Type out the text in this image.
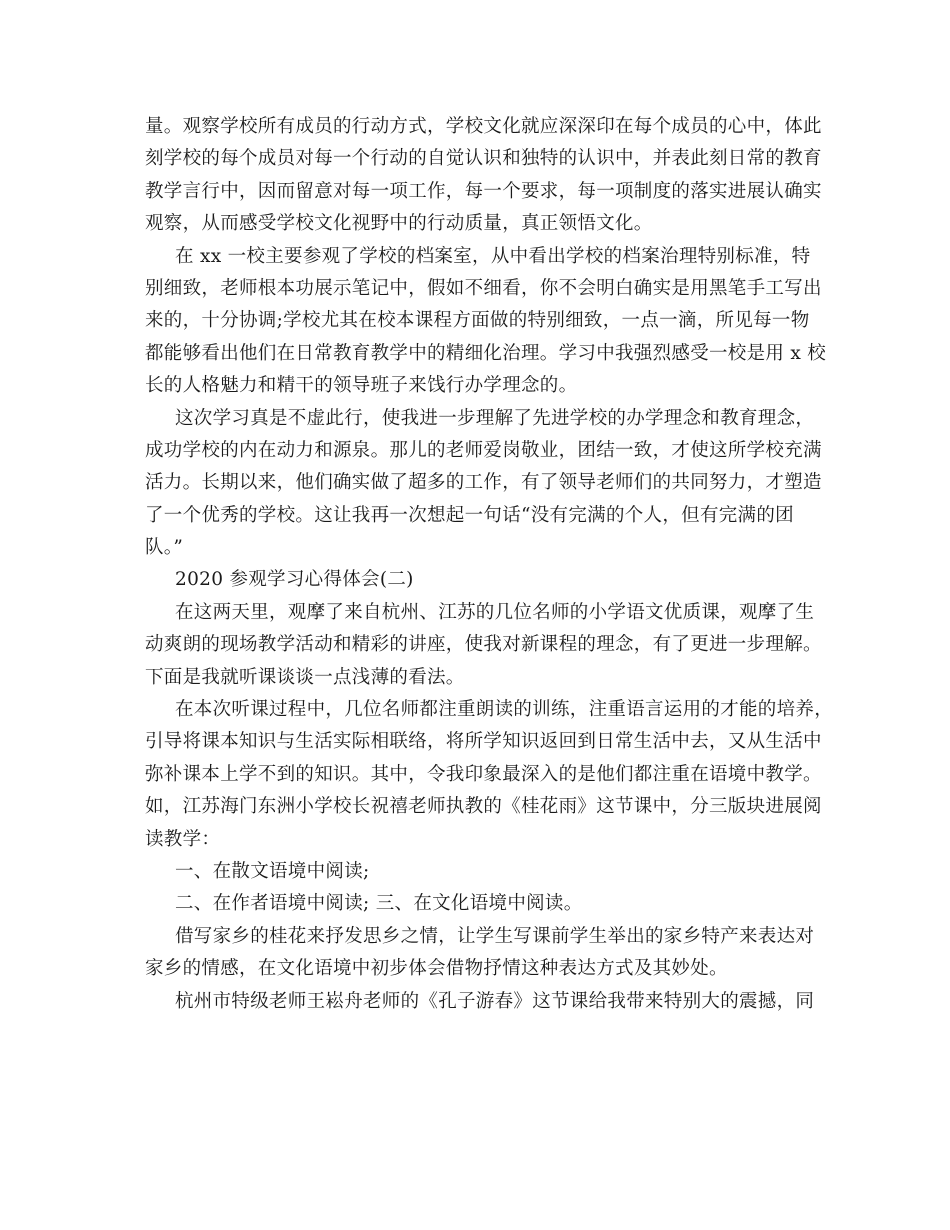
量。观察学校所有成员的行动方式，学校文化就应深深印在每个成员的心中，体此
刻学校的每个成员对每一个行动的自觉认识和独特的认识中，并表此刻日常的教育
教学言行中，因而留意对每一项工作，每一个要求，每一项制度的落实进展认确实
观察，从而感受学校文化视野中的行动质量，真正领悟文化。
在 xx 一校主要参观了学校的档案室，从中看出学校的档案治理特别标准，特
别细致，老师根本功展示笔记中，假如不细看，你不会明白确实是用黑笔手工写出
来的，十分协调;学校尤其在校本课程方面做的特别细致，一点一滴，所见每一物
都能够看出他们在日常教育教学中的精细化治理。学习中我强烈感受一校是用 x 校
长的人格魅力和精干的领导班子来饯行办学理念的。
这次学习真是不虚此行，使我进一步理解了先进学校的办学理念和教育理念，
成功学校的内在动力和源泉。那儿的老师爱岗敬业，团结一致，才使这所学校充满
活力。长期以来，他们确实做了超多的工作，有了领导老师们的共同努力，才塑造
了一个优秀的学校。这让我再一次想起一句话“没有完满的个人，但有完满的团
队。”
2020 参观学习心得体会(二)
在这两天里，观摩了来自杭州、江苏的几位名师的小学语文优质课，观摩了生
动爽朗的现场教学活动和精彩的讲座，使我对新课程的理念，有了更进一步理解。
下面是我就听课谈谈一点浅薄的看法。
在本次听课过程中，几位名师都注重朗读的训练，注重语言运用的才能的培养，
引导将课本知识与生活实际相联络，将所学知识返回到日常生活中去，又从生活中
弥补课本上学不到的知识。其中，令我印象最深入的是他们都注重在语境中教学。
如，江苏海门东洲小学校长祝禧老师执教的《桂花雨》这节课中，分三版块进展阅
读教学：
一、在散文语境中阅读;
二、在作者语境中阅读; 三、在文化语境中阅读。
借写家乡的桂花来抒发思乡之情，让学生写课前学生举出的家乡特产来表达对
家乡的情感，在文化语境中初步体会借物抒情这种表达方式及其妙处。
杭州市特级老师王崧舟老师的《孔子游春》这节课给我带来特别大的震撼，同
